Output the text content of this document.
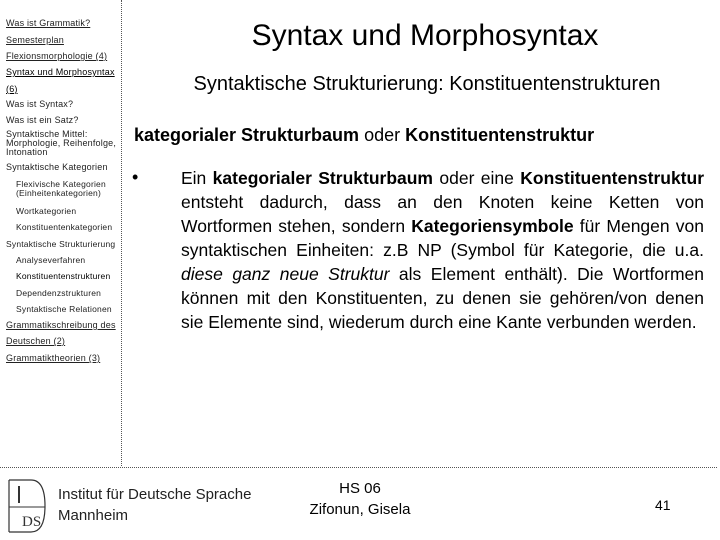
Was ist Grammatik?
Semesterplan
Flexionsmorphologie (4)
Syntax und Morphosyntax
(6)
Was ist Syntax?
Was ist ein Satz?
Syntaktische Mittel: Morphologie, Reihenfolge, Intonation
Syntaktische Kategorien
Flexivische Kategorien (Einheitenkategorien)
Wortkategorien
Konstituentenkategorien
Syntaktische Strukturierung
Analyseverfahren
Konstituentenstrukturen
Dependenzstrukturen
Syntaktische Relationen
Grammatikschreibung des
Deutschen (2)
Grammatiktheorien (3)
Syntax und Morphosyntax
Syntaktische Strukturierung: Konstituentenstrukturen
kategorialer Strukturbaum oder Konstituentenstruktur
• Ein kategorialer Strukturbaum oder eine Konstituentenstruktur entsteht dadurch, dass an den Knoten keine Ketten von Wortformen stehen, sondern Kategoriensymbole für Mengen von syntaktischen Einheiten: z.B NP (Symbol für Kategorie, die u.a. diese ganz neue Struktur als Element enthält). Die Wortformen können mit den Konstituenten, zu denen sie gehören/von denen sie Elemente sind, wiederum durch eine Kante verbunden werden.
DS
Institut für Deutsche Sprache
Mannheim
HS 06
Zifonun, Gisela	41
